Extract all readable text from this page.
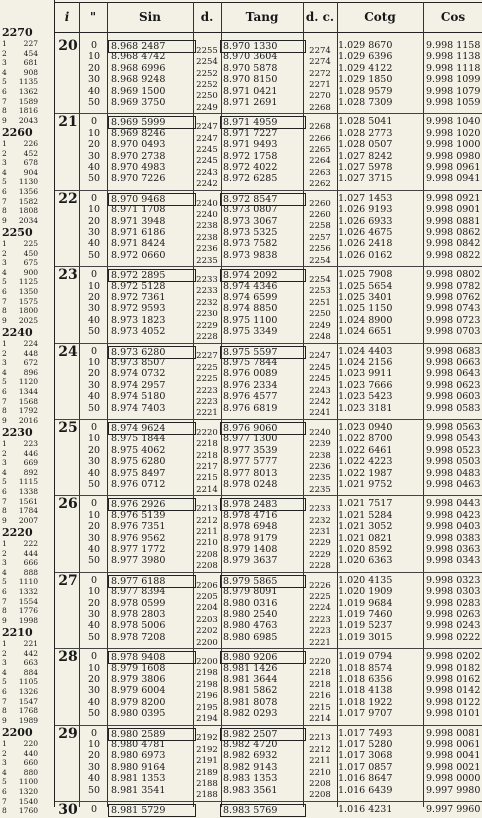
2270
1	227
2	454
3	681
4	908
5	1135
6	1362
7	1589
8	1816
9	2043
2260
1	226
2	452
3	678
4	904
5	1130
6	1356
7	1582
8	1808
9	2034
2250
1	225
2	450
3	675
4	900
5	1125
6	1350
7	1575
8	1800
9	2025
2240
1	224
2	448
3	672
4	896
5	1120
6	1344
7	1568
8	1792
9	2016
2230
1	223
2	446
3	669
4	892
5	1115
6	1338
7	1561
8	1784
9	2007
2220
1	222
2	444
3	666
4	888
5	1110
6	1332
7	1554
8	1776
9	1998
2210
1	221
2	442
3	663
4	884
5	1105
6	1326
7	1547
8	1768
9	1989
2200
1	220
2	440
3	660
4	880
5	1100
6	1320
7	1540
8	1760
i	"	Sin	d.	Tang	d. c.	Cotg	Cos
20	0	8.968 2487	2255 8.970 1330	2274 1.029 8670	9.998 1158
10	8.968 4742	2254 8.970 3604	2274 1.029 6396	9.998 1138
20	8.968 6996	2252 8.970 5878	2272 1.029 4122	9.998 1118
30	8.968 9248	2252 8.970 8150	2271 1.029 1850	9.998 1099
40	8.969 1500	2250 8.971 0421	2270 1.028 9579	9.998 1079
50	8.969 3750	2249 8.971 2691	2268 1.028 7309	9.998 1059
21	0	8.969 5999	2247 8.971 4959	2268 1.028 5041	9.998 1040
10	8.969 8246	2247 8.971 7227	2266 1.028 2773	9.998 1020
20	8.970 0493	2245 8.971 9493	2265 1.028 0507	9.998 1000
30	8.970 2738	2245 8.972 1758	2264 1.027 8242	9.998 0980
40	8.970 4983	2243 8.972 4022	2263 1.027 5978	9.998 0961
50	8.970 7226	2242 8.972 6285	2262 1.027 3715	9.998 0941
22	0	8.970 9468	2240 8.972 8547	2260 1.027 1453	9.998 0921
10	8.971 1708	2240 8.973 0807	2260 1.026 9193	9.998 0901
20	8.971 3948	2238 8.973 3067	2258 1.026 6933	9.998 0881
30	8.971 6186	2238 8.973 5325	2257 1.026 4675	9.998 0862
40	8.971 8424	2236 8.973 7582	2256 1.026 2418	9.998 0842
50	8.972 0660	2235 8.973 9838	2254 1.026 0162	9.998 0822
23	0	8.972 2895	2233 8.974 2092	2254 1.025 7908	9.998 0802
10	8.972 5128	2233 8.974 4346	2253 1.025 5654	9.998 0782
20	8.972 7361	2232 8.974 6599	2251 1.025 3401	9.998 0762
30	8.972 9593	2230 8.974 8850	2250 1.025 1150	9.998 0743
40	8.973 1823	2229 8.975 1100	2249 1.024 8900	9.998 0723
50	8.973 4052	2228 8.975 3349	2248 1.024 6651	9.998 0703
24	0	8.973 6280	2227 8.975 5597	2247 1.024 4403	9.998 0683
10	8.973 8507	2225 8.975 7844	2245 1.024 2156	9.998 0663
20	8.974 0732	2225 8.976 0089	2245 1.023 9911	9.998 0643
30	8.974 2957	2223 8.976 2334	2243 1.023 7666	9.998 0623
40	8.974 5180	2223 8.976 4577	2242 1.023 5423	9.998 0603
50	8.974 7403	2221 8.976 6819	2241 1.023 3181	9.998 0583
25	0	8.974 9624	2220 8.976 9060	2240 1.023 0940	9.998 0563
10	8.975 1844	2218 8.977 1300	2239 1.022 8700	9.998 0543
20	8.975 4062	2218 8.977 3539	2238 1.022 6461	9.998 0523
30	8.975 6280	2217 8.977 5777	2236 1.022 4223	9.998 0503
40	8.975 8497	2215 8.977 8013	2235 1.022 1987	9.998 0483
50	8.976 0712	2214 8.978 0248	2235 1.021 9752	9.998 0463
26	0	8.976 2926	2213 8.978 2483	2233 1.021 7517	9.998 0443
10	8.976 5139	2212 8.978 4716	2232 1.021 5284	9.998 0423
20	8.976 7351	2211 8.978 6948	2231 1.021 3052	9.998 0403
30	8.976 9562	2210 8.978 9179	2229 1.021 0821	9.998 0383
40	8.977 1772	2208 8.979 1408	2229 1.020 8592	9.998 0363
50	8.977 3980	2208 8.979 3637	2228 1.020 6363	9.998 0343
27	0	8.977 6188	2206 8.979 5865	2226 1.020 4135	9.998 0323
10	8.977 8394	2205 8.979 8091	2225 1.020 1909	9.998 0303
20	8.978 0599	2204 8.980 0316	2224 1.019 9684	9.998 0283
30	8.978 2803	2203 8.980 2540	2223 1.019 7460	9.998 0263
40	8.978 5006	2202 8.980 4763	2223 1.019 5237	9.998 0243
50	8.978 7208	2200 8.980 6985	2221 1.019 3015	9.998 0222
28	0	8.978 9408	2200 8.980 9206	2220 1.019 0794	9.998 0202
10	8.979 1608	2198 8.981 1426	2218 1.018 8574	9.998 0182
20	8.979 3806	2198 8.981 3644	2218 1.018 6356	9.998 0162
30	8.979 6004	2196 8.981 5862	2216 1.018 4138	9.998 0142
40	8.979 8200	2195 8.981 8078	2215 1.018 1922	9.998 0122
50	8.980 0395	2194 8.982 0293	2214 1.017 9707	9.998 0101
29	0	8.980 2589	2192 8.982 2507	2213 1.017 7493	9.998 0081
10	8.980 4781	2192 8.982 4720	2212 1.017 5280	9.998 0061
20	8.980 6973	2191 8.982 6932	2211 1.017 3068	9.998 0041
30	8.980 9164	2189 8.982 9143	2210 1.017 0857	9.998 0021
40	8.981 1353	2188 8.983 1353	2208 1.016 8647	9.998 0000
50	8.981 3541	2188 8.983 3561	2208 1.016 6439	9.997 9980
30	0	8.981 5729	8.983 5769	1.016 4231	9.997 9960
